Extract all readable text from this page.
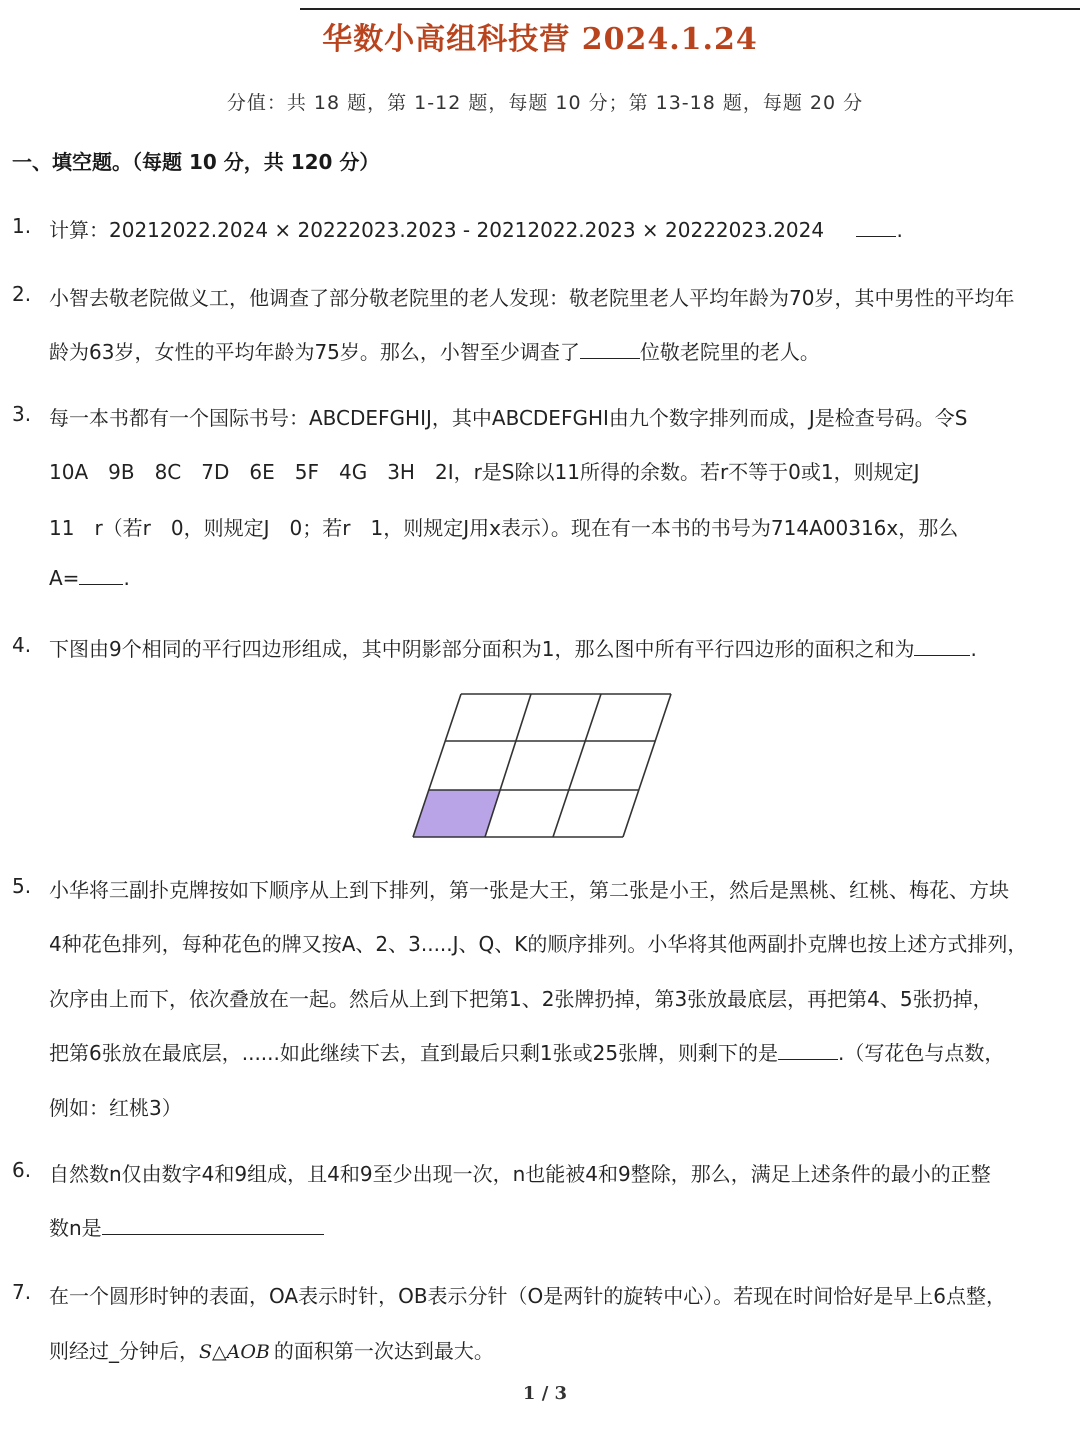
华数小高组科技营 2024.1.24
分值：共 18 题，第 1-12 题，每题 10 分；第 13-18 题，每题 20 分
一、填空题。（每题 10 分，共 120 分）
1. 计算：20212022.2024 × 20222023.2023 - 20212022.2023 × 20222023.2024	.
2. 小智去敬老院做义工，他调查了部分敬老院里的老人发现：敬老院里老人平均年龄为70岁，其中男性的平均年
龄为63岁，女性的平均年龄为75岁。那么，小智至少调查了	位敬老院里的老人。
3. 每一本书都有一个国际书号：ABCDEFGHIJ，其中ABCDEFGHI由九个数字排列而成，J是检查号码。令S
10A　9B　8C　7D　6E　5F　4G　3H　2I，r是S除以11所得的余数。若r不等于0或1，则规定J
11　r（若r　0，则规定J　0；若r　1，则规定J用x表示）。现在有一本书的书号为714A00316x，那么
A= .
4. 下图由9个相同的平行四边形组成，其中阴影部分面积为1，那么图中所有平行四边形的面积之和为	.
5. 小华将三副扑克牌按如下顺序从上到下排列，第一张是大王，第二张是小王，然后是黑桃、红桃、梅花、方块
4种花色排列，每种花色的牌又按A、2、3.....J、Q、K的顺序排列。小华将其他两副扑克牌也按上述方式排列，
次序由上而下，依次叠放在一起。然后从上到下把第1、2张牌扔掉，第3张放最底层，再把第4、5张扔掉，
把第6张放在最底层，......如此继续下去，直到最后只剩1张或25张牌，则剩下的是	.（写花色与点数，
例如：红桃3）
6. 自然数n仅由数字4和9组成，且4和9至少出现一次，n也能被4和9整除，那么，满足上述条件的最小的正整
数n是
7. 在一个圆形时钟的表面，OA表示时针，OB表示分针（O是两针的旋转中心）。若现在时间恰好是早上6点整，
则经过_分钟后，S△AOB 的面积第一次达到最大。
1 / 3
